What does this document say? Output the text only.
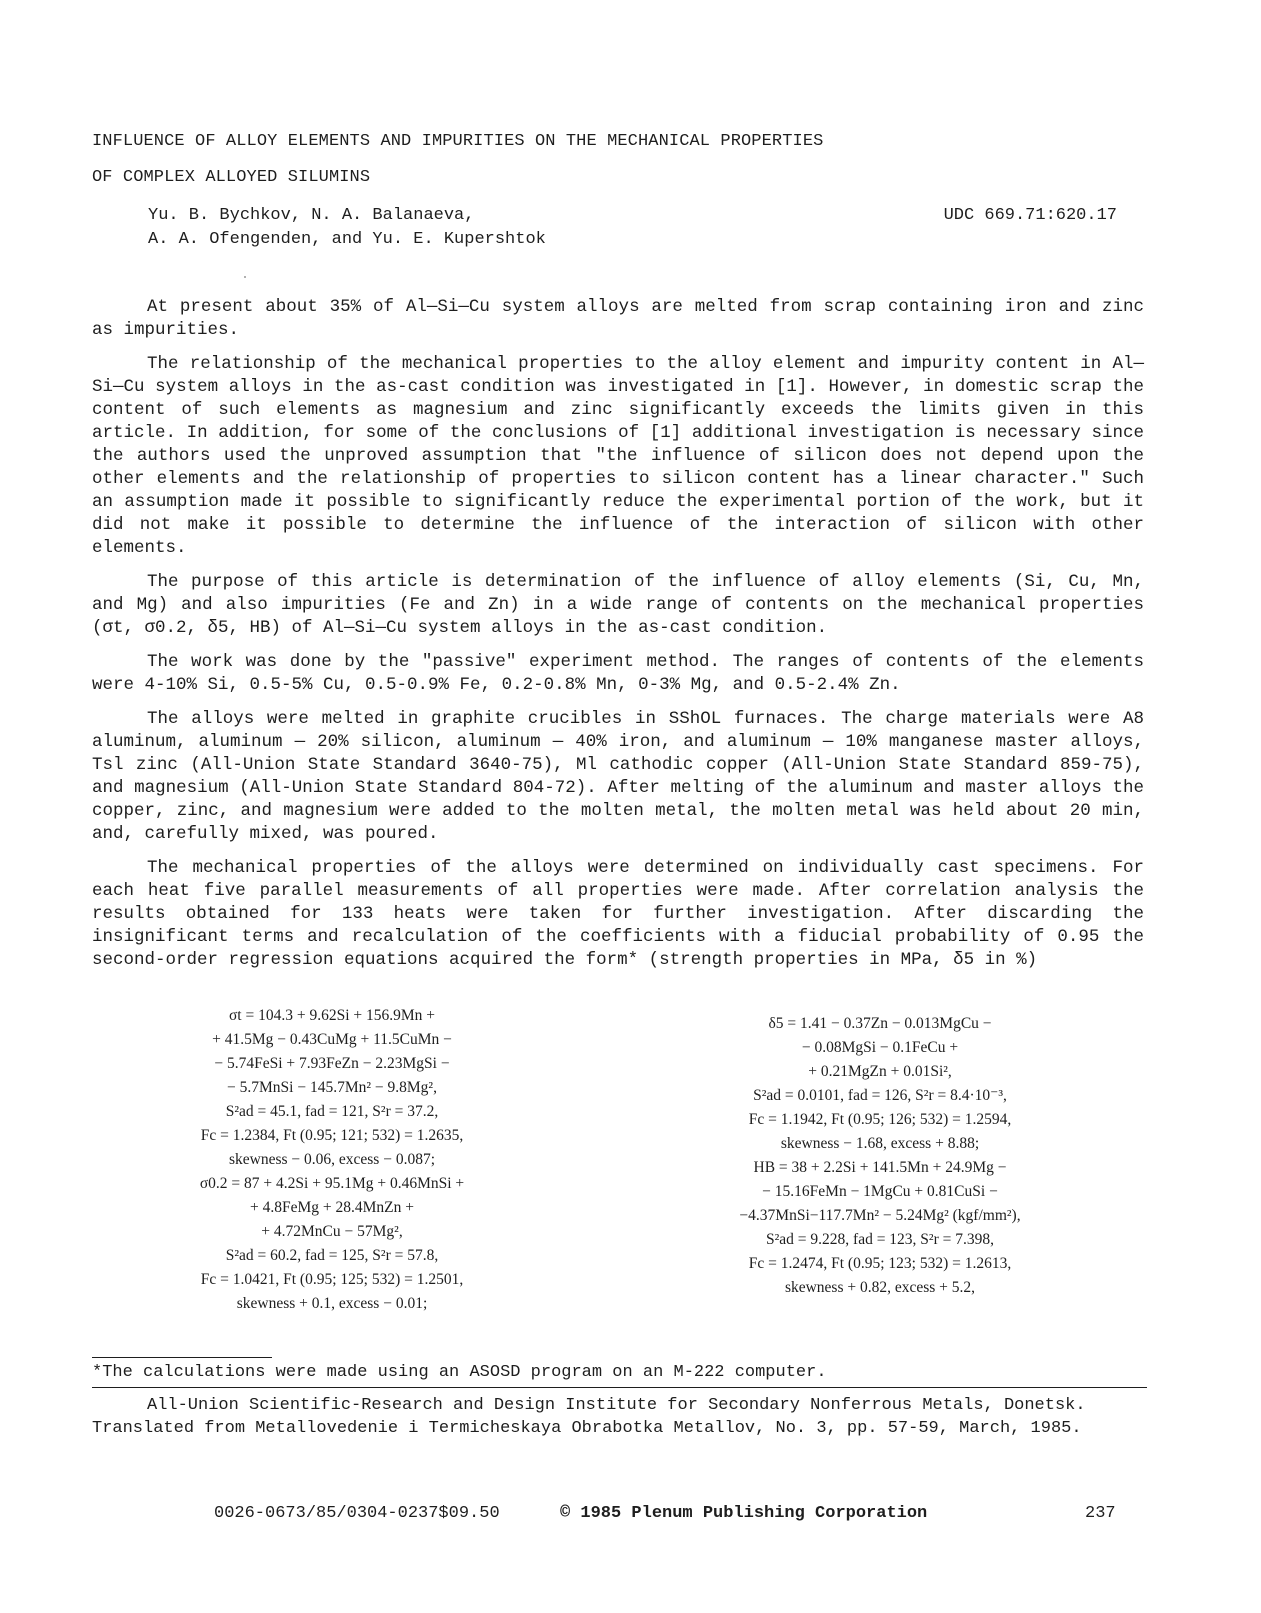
INFLUENCE OF ALLOY ELEMENTS AND IMPURITIES ON THE MECHANICAL PROPERTIES
OF COMPLEX ALLOYED SILUMINS
Yu. B. Bychkov, N. A. Balanaeva,
A. A. Ofengenden, and Yu. E. Kupershtok
UDC 669.71:620.17

At present about 35% of Al—Si—Cu system alloys are melted from scrap containing iron and zinc as impurities.

The relationship of the mechanical properties to the alloy element and impurity content in Al—Si—Cu system alloys in the as-cast condition was investigated in [1]. However, in domestic scrap the content of such elements as magnesium and zinc significantly exceeds the limits given in this article. In addition, for some of the conclusions of [1] additional investigation is necessary since the authors used the unproved assumption that "the influence of silicon does not depend upon the other elements and the relationship of properties to silicon content has a linear character." Such an assumption made it possible to significantly reduce the experimental portion of the work, but it did not make it possible to determine the influence of the interaction of silicon with other elements.

The purpose of this article is determination of the influence of alloy elements (Si, Cu, Mn, and Mg) and also impurities (Fe and Zn) in a wide range of contents on the mechanical properties (σt, σ0.2, δ5, HB) of Al—Si—Cu system alloys in the as-cast condition.

The work was done by the "passive" experiment method. The ranges of contents of the elements were 4-10% Si, 0.5-5% Cu, 0.5-0.9% Fe, 0.2-0.8% Mn, 0-3% Mg, and 0.5-2.4% Zn.

The alloys were melted in graphite crucibles in SShOL furnaces. The charge materials were A8 aluminum, aluminum — 20% silicon, aluminum — 40% iron, and aluminum — 10% manganese master alloys, Tsl zinc (All-Union State Standard 3640-75), Ml cathodic copper (All-Union State Standard 859-75), and magnesium (All-Union State Standard 804-72). After melting of the aluminum and master alloys the copper, zinc, and magnesium were added to the molten metal, the molten metal was held about 20 min, and, carefully mixed, was poured.

The mechanical properties of the alloys were determined on individually cast specimens. For each heat five parallel measurements of all properties were made. After correlation analysis the results obtained for 133 heats were taken for further investigation. After discarding the insignificant terms and recalculation of the coefficients with a fiducial probability of 0.95 the second-order regression equations acquired the form* (strength properties in MPa, δ5 in %)

σt = 104.3 + 9.62Si + 156.9Mn +
+ 41.5Mg − 0.43CuMg + 11.5CuMn −
− 5.74FeSi + 7.93FeZn − 2.23MgSi −
− 5.7MnSi − 145.7Mn² − 9.8Mg²,
S²ad = 45.1, fad = 121, S²r = 37.2,
Fc = 1.2384, Ft (0.95; 121; 532) = 1.2635,
skewness − 0.06, excess − 0.087;
σ0.2 = 87 + 4.2Si + 95.1Mg + 0.46MnSi +
+ 4.8FeMg + 28.4MnZn +
+ 4.72MnCu − 57Mg²,
S²ad = 60.2, fad = 125, S²r = 57.8,
Fc = 1.0421, Ft (0.95; 125; 532) = 1.2501,
skewness + 0.1, excess − 0.01;
δ5 = 1.41 − 0.37Zn − 0.013MgCu −
− 0.08MgSi − 0.1FeCu +
+ 0.21MgZn + 0.01Si²,
S²ad = 0.0101, fad = 126, S²r = 8.4·10⁻³,
Fc = 1.1942, Ft (0.95; 126; 532) = 1.2594,
skewness − 1.68, excess + 8.88;
HB = 38 + 2.2Si + 141.5Mn + 24.9Mg −
− 15.16FeMn − 1MgCu + 0.81CuSi −
−4.37MnSi−117.7Mn² − 5.24Mg² (kgf/mm²),
S²ad = 9.228, fad = 123, S²r = 7.398,
Fc = 1.2474, Ft (0.95; 123; 532) = 1.2613,
skewness + 0.82, excess + 5.2,
*The calculations were made using an ASOSD program on an M-222 computer.

All-Union Scientific-Research and Design Institute for Secondary Nonferrous Metals, Donetsk. Translated from Metallovedenie i Termicheskaya Obrabotka Metallov, No. 3, pp. 57-59, March, 1985.

0026-0673/85/0304-0237$09.50	© 1985 Plenum Publishing Corporation	237
